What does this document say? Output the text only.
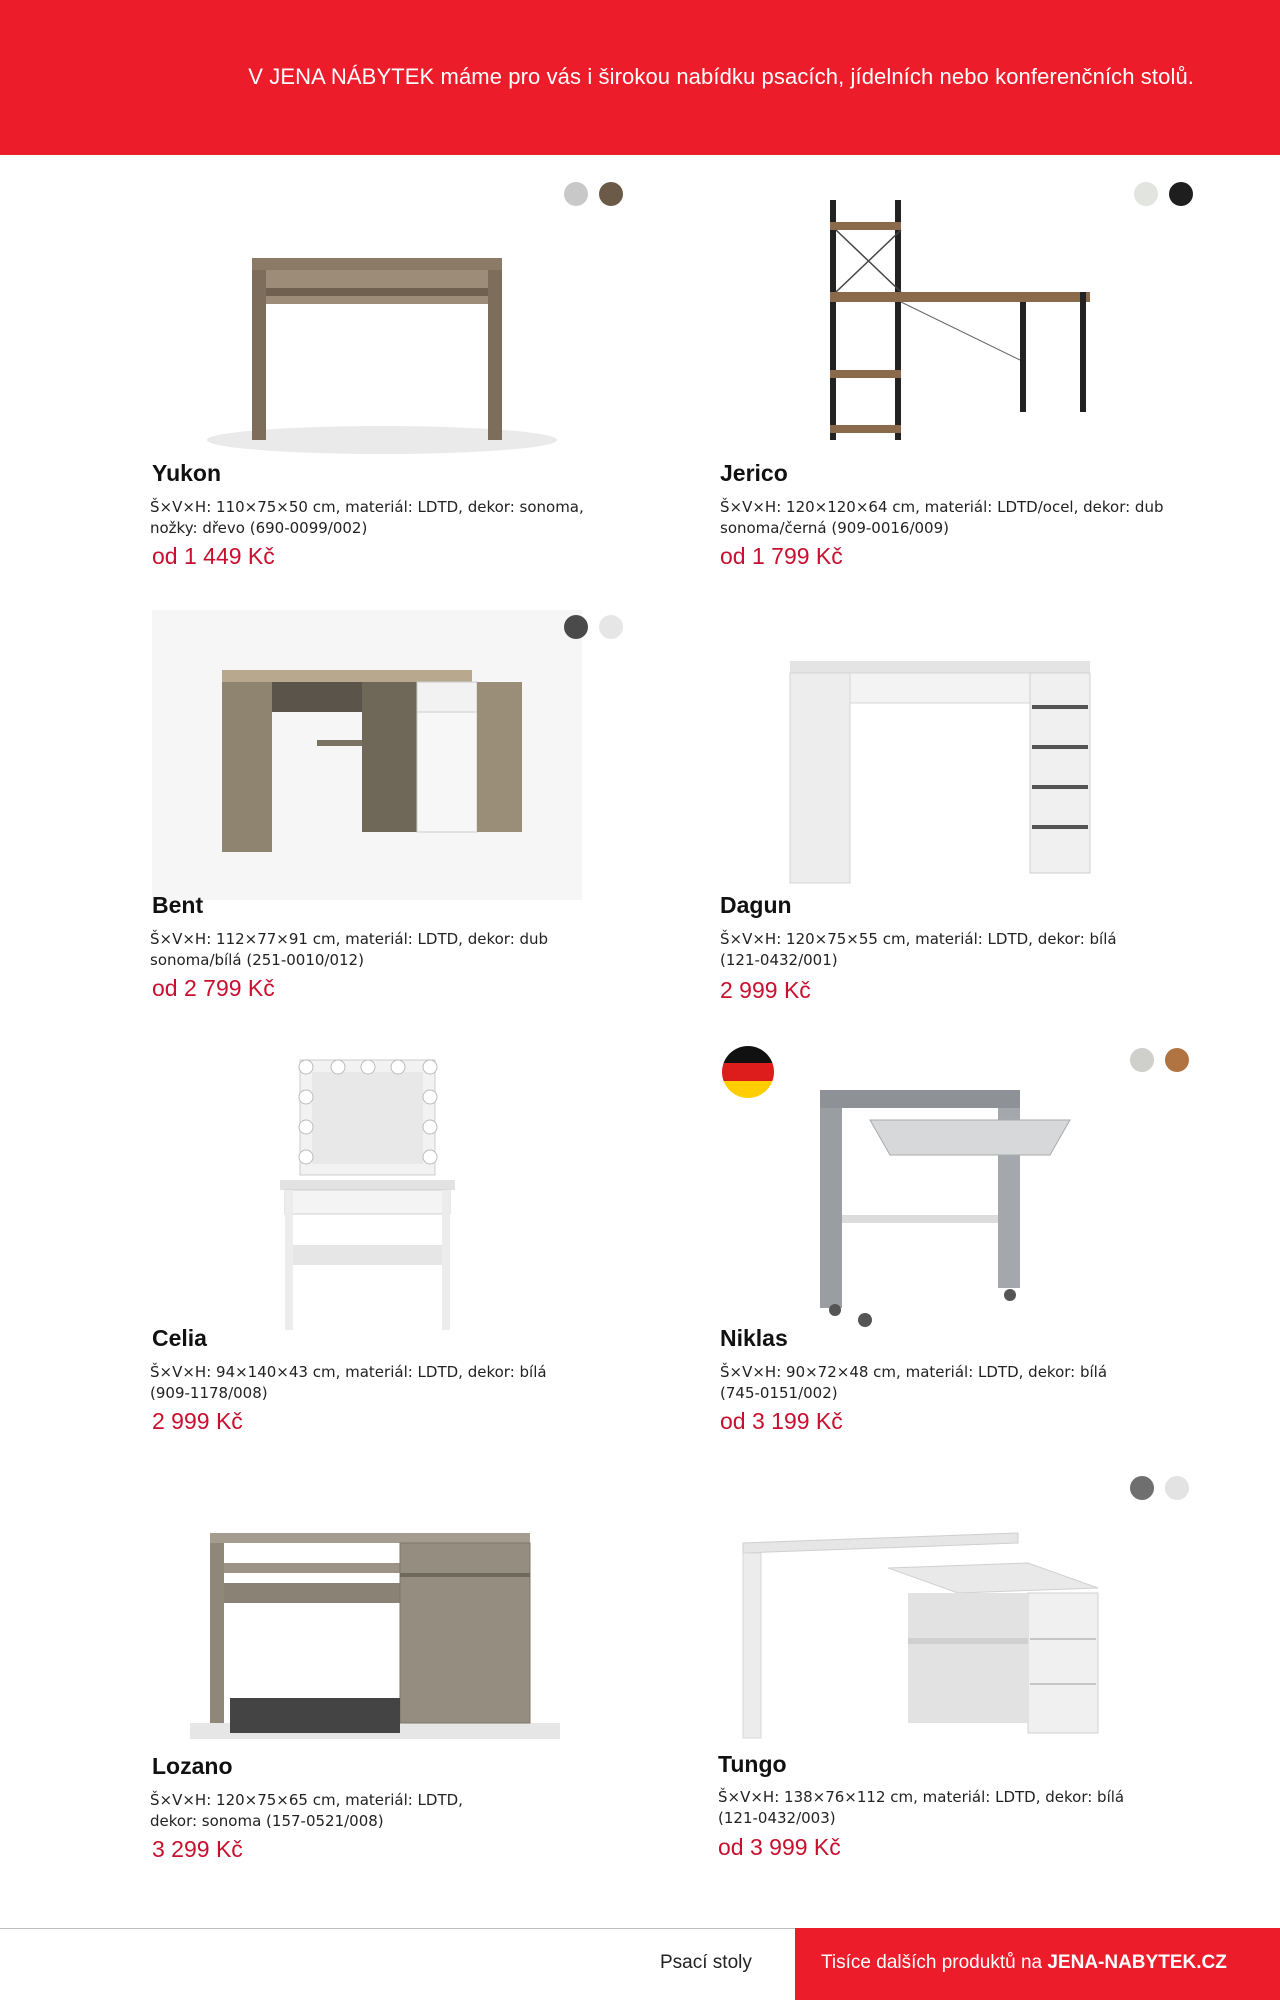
V JENA NÁBYTEK máme pro vás i širokou nabídku psacích, jídelních nebo konferenčních stolů.
Yukon
Š×V×H: 110×75×50 cm, materiál: LDTD, dekor: sonoma,
nožky: dřevo (690-0099/002)
od 1 449 Kč
Jerico
Š×V×H: 120×120×64 cm, materiál: LDTD/ocel, dekor: dub
sonoma/černá (909-0016/009)
od 1 799 Kč
Bent
Š×V×H: 112×77×91 cm, materiál: LDTD, dekor: dub
sonoma/bílá (251-0010/012)
od 2 799 Kč
Dagun
Š×V×H: 120×75×55 cm, materiál: LDTD, dekor: bílá
(121-0432/001)
2 999 Kč
Celia
Š×V×H: 94×140×43 cm, materiál: LDTD, dekor: bílá
(909-1178/008)
2 999 Kč
Niklas
Š×V×H: 90×72×48 cm, materiál: LDTD, dekor: bílá
(745-0151/002)
od 3 199 Kč
Lozano
Š×V×H: 120×75×65 cm, materiál: LDTD,
dekor: sonoma (157-0521/008)
3 299 Kč
Tungo
Š×V×H: 138×76×112 cm, materiál: LDTD, dekor: bílá
(121-0432/003)
od 3 999 Kč
Psací stoly	Tisíce dalších produktů na JENA-NABYTEK.CZ
